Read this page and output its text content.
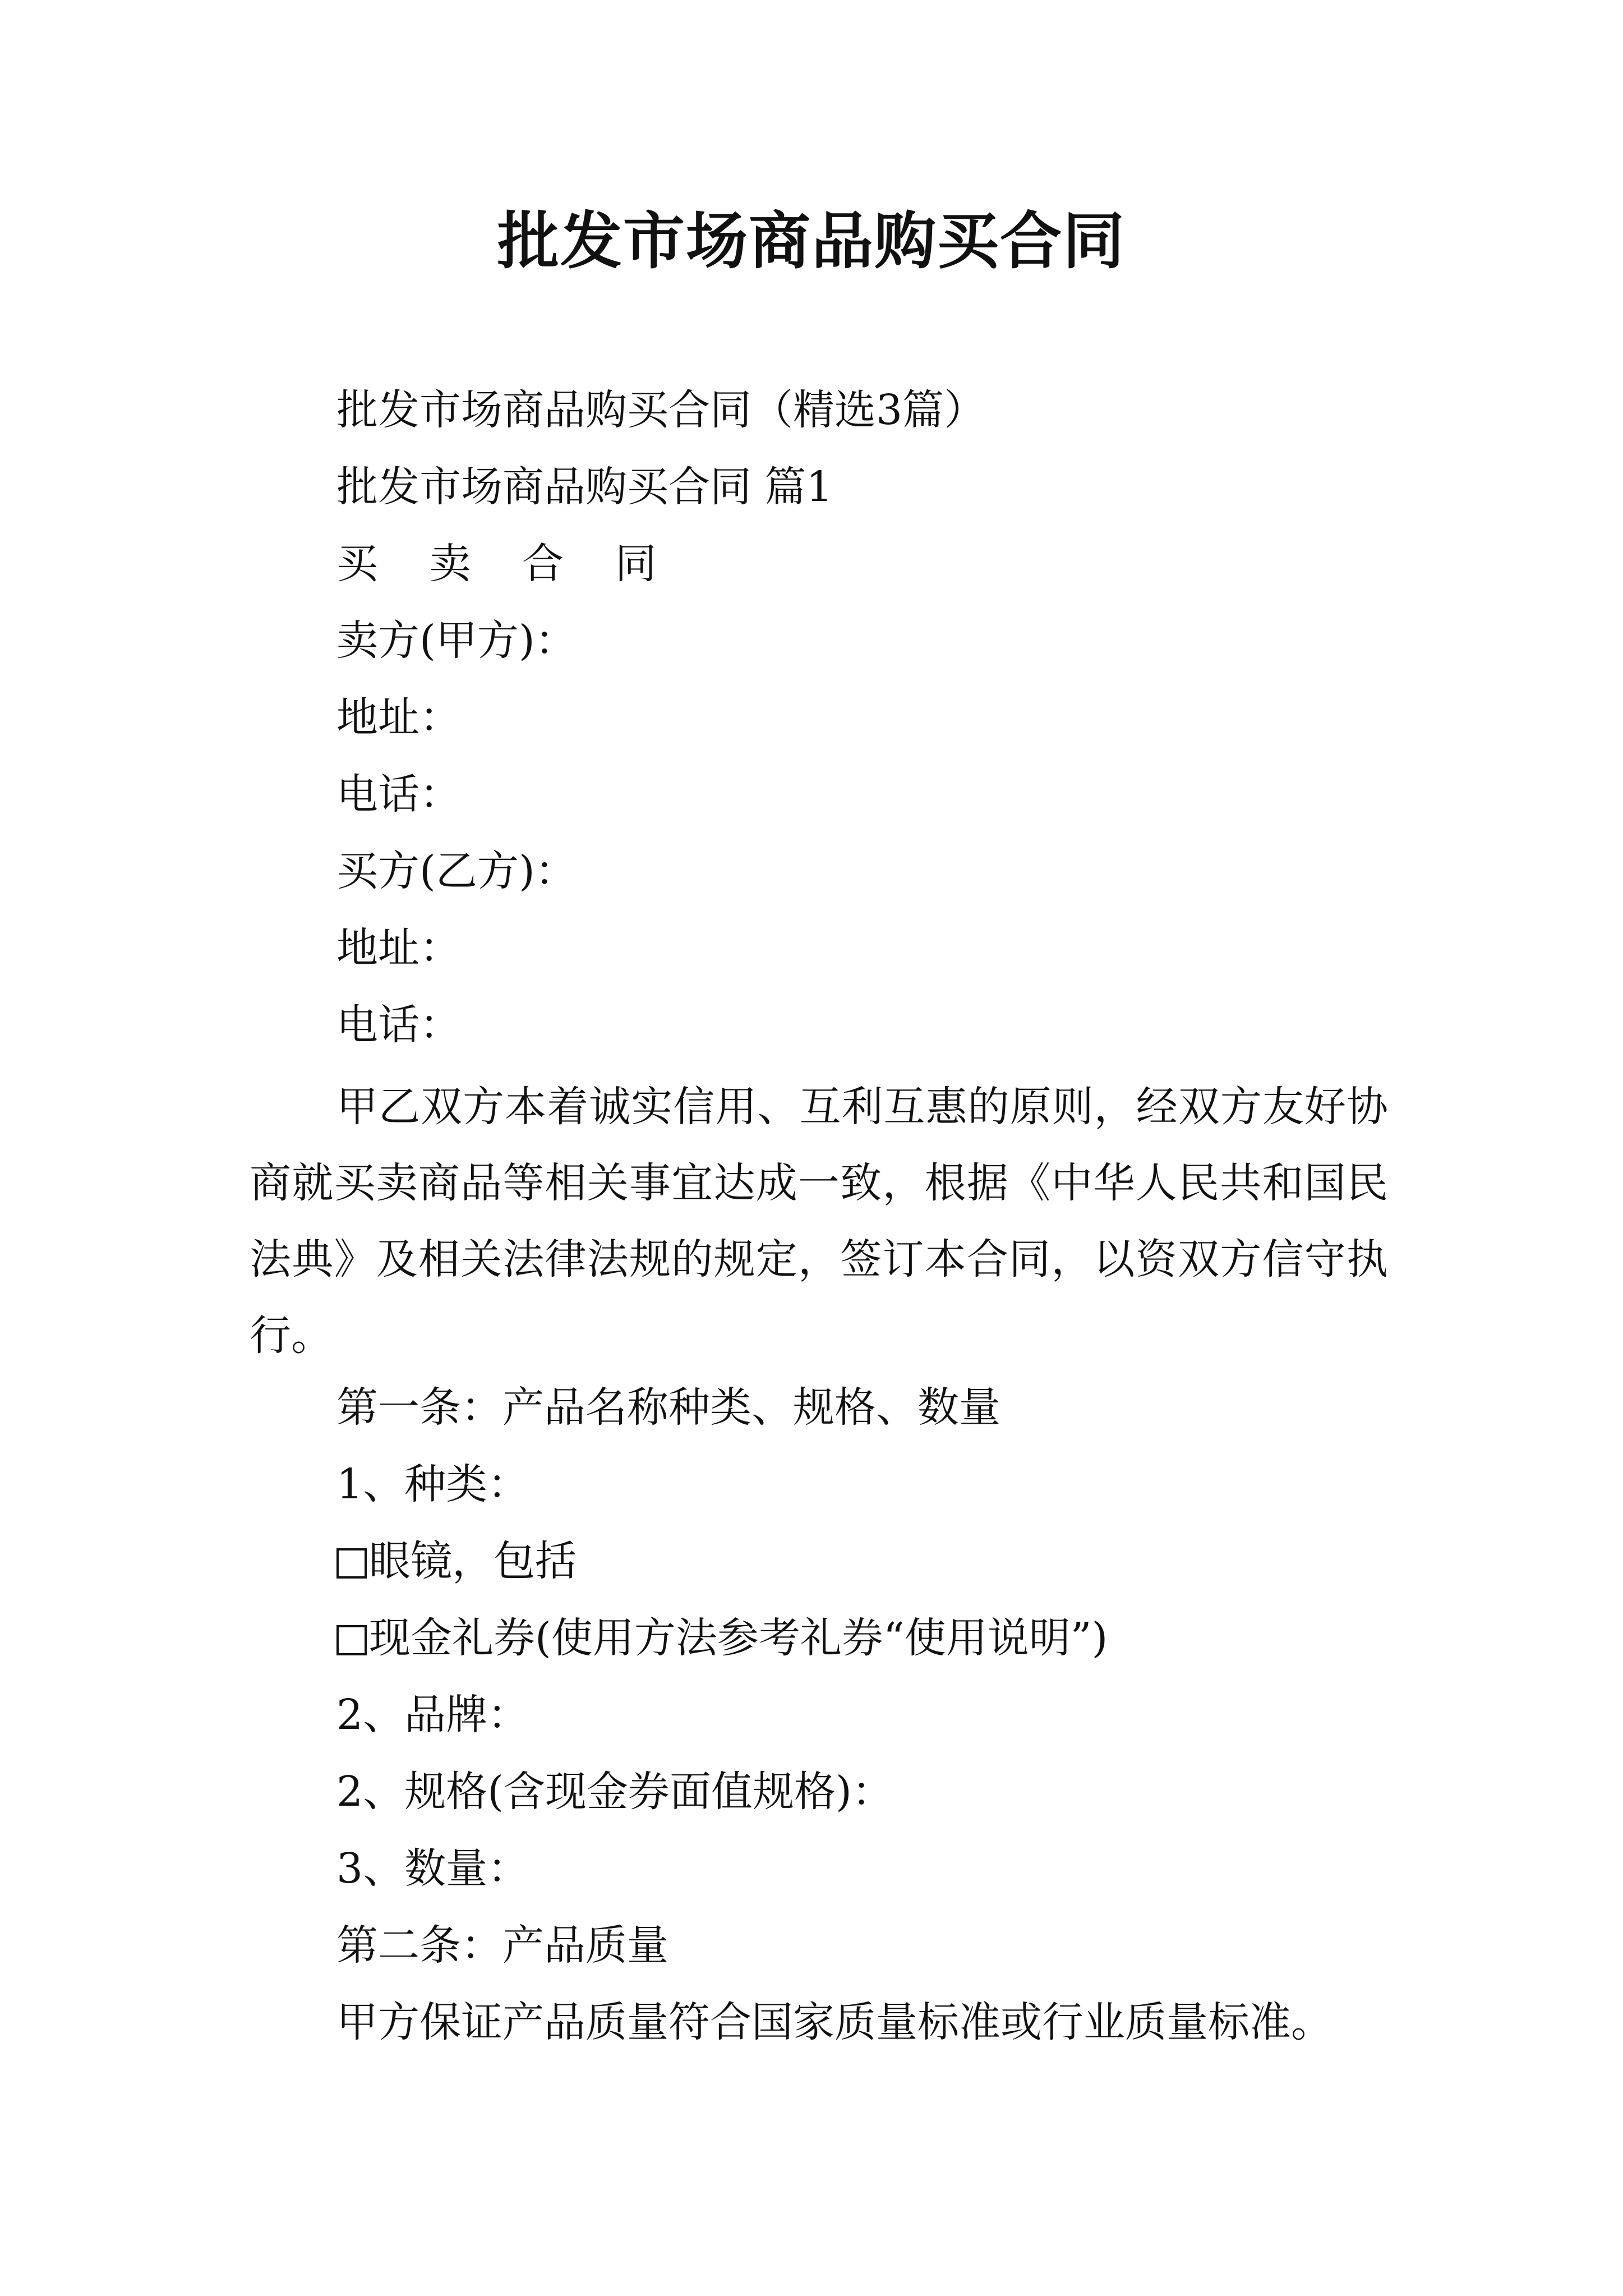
批发市场商品购买合同
批发市场商品购买合同（精选3篇）
批发市场商品购买合同 篇1
买 卖 合 同
卖方(甲方)：
地址：
电话：
买方(乙方)：
地址：
电话：
甲乙双方本着诚实信用、互利互惠的原则，经双方友好协商就买卖商品等相关事宜达成一致，根据《中华人民共和国民法典》及相关法律法规的规定，签订本合同，以资双方信守执行。
第一条：产品名称种类、规格、数量
1、种类：
眼镜，包括
现金礼券(使用方法参考礼券“使用说明”)
2、品牌：
2、规格(含现金券面值规格)：
3、数量：
第二条：产品质量
甲方保证产品质量符合国家质量标准或行业质量标准。
